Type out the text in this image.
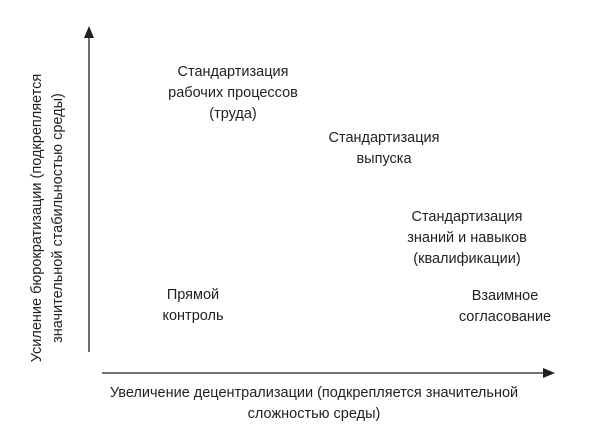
Усиление бюрократизации (подкрепляется значительной стабильностью среды)
Увеличение децентрализации (подкрепляется значительной
сложностью среды)
Стандартизация
рабочих процессов
(труда)
Стандартизация
выпуска
Стандартизация
знаний и навыков
(квалификации)
Прямой
контроль
Взаимное
согласование
